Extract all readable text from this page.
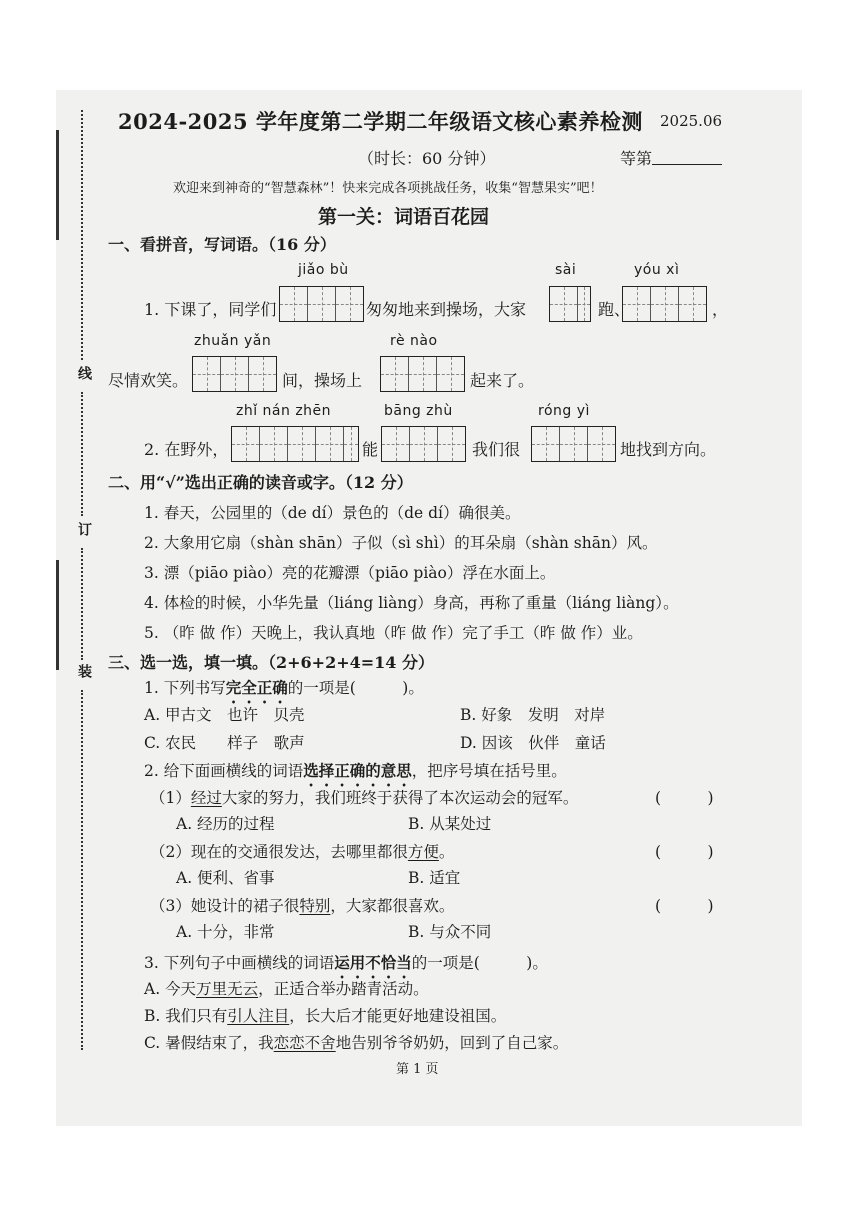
线
订
装
2024-2025 学年度第二学期二年级语文核心素养检测 2025.06
（时长：60 分钟）	等第
欢迎来到神奇的“智慧森林”！快来完成各项挑战任务，收集“智慧果实”吧！
第一关：词语百花园
一、看拼音，写词语。（16 分）
jiǎo bù	sài	yóu xì
1. 下课了，同学们	匆匆地来到操场，大家	跑、	，
zhuǎn yǎn	rè nào
尽情欢笑。	间，操场上	起来了。
zhǐ nán zhēn	bāng zhù	róng yì
2. 在野外，	能	我们很	地找到方向。
二、用“√”选出正确的读音或字。（12 分）
1. 春天，公园里的（de dí）景色的（de dí）确很美。
2. 大象用它扇（shàn shān）子似（sì shì）的耳朵扇（shàn shān）风。
3. 漂（piāo piào）亮的花瓣漂（piāo piào）浮在水面上。
4. 体检的时候，小华先量（liáng liàng）身高，再称了重量（liáng liàng）。
5. （昨 做 作）天晚上，我认真地（昨 做 作）完了手工（昨 做 作）业。
三、选一选，填一填。（2+6+2+4=14 分）
1. 下列书写完全正确的一项是(　　　)。
A. 甲古文　也许　贝壳	B. 好象　发明　对岸
C. 农民　　样子　歌声	D. 因该　伙伴　童话
2. 给下面画横线的词语选择正确的意思，把序号填在括号里。
（1）经过大家的努力，我们班终于获得了本次运动会的冠军。	(　　　)
A. 经历的过程	B. 从某处过
（2）现在的交通很发达，去哪里都很方便。	(　　　)
A. 便利、省事	B. 适宜
（3）她设计的裙子很特别，大家都很喜欢。	(　　　)
A. 十分，非常	B. 与众不同
3. 下列句子中画横线的词语运用不恰当的一项是(　　　)。
A. 今天万里无云，正适合举办踏青活动。
B. 我们只有引人注目，长大后才能更好地建设祖国。
C. 暑假结束了，我恋恋不舍地告别爷爷奶奶，回到了自己家。
第 1 页
